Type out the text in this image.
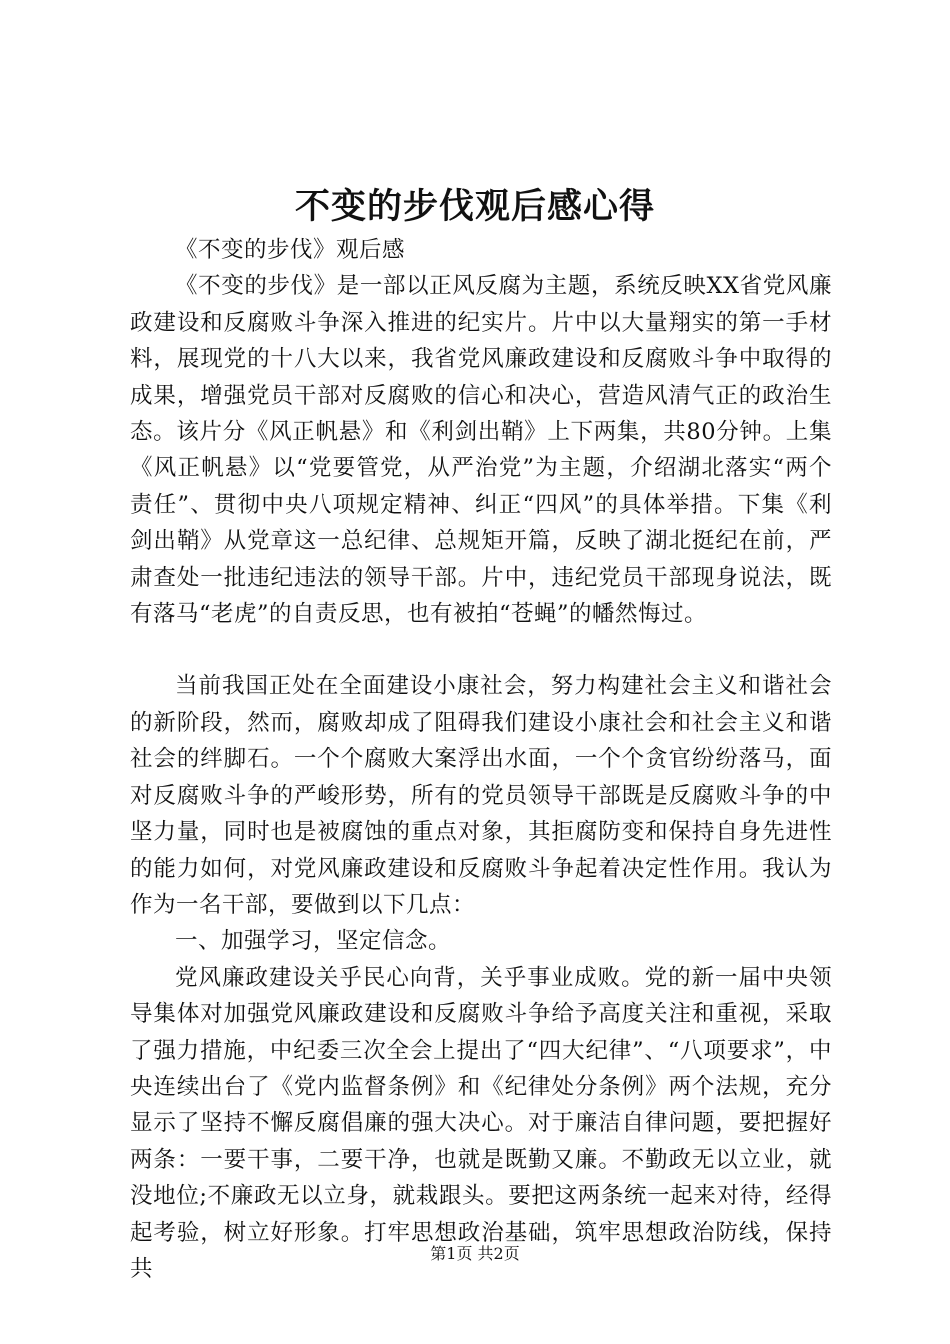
不变的步伐观后感心得

《不变的步伐》观后感

《不变的步伐》是一部以正风反腐为主题，系统反映XX省党风廉政建设和反腐败斗争深入推进的纪实片。片中以大量翔实的第一手材料，展现党的十八大以来，我省党风廉政建设和反腐败斗争中取得的成果，增强党员干部对反腐败的信心和决心，营造风清气正的政治生态。该片分《风正帆悬》和《利剑出鞘》上下两集，共80分钟。上集《风正帆悬》以“党要管党，从严治党”为主题，介绍湖北落实“两个责任”、贯彻中央八项规定精神、纠正“四风”的具体举措。下集《利剑出鞘》从党章这一总纪律、总规矩开篇，反映了湖北挺纪在前，严肃查处一批违纪违法的领导干部。片中，违纪党员干部现身说法，既有落马“老虎”的自责反思，也有被拍“苍蝇”的幡然悔过。

当前我国正处在全面建设小康社会，努力构建社会主义和谐社会的新阶段，然而，腐败却成了阻碍我们建设小康社会和社会主义和谐社会的绊脚石。一个个腐败大案浮出水面，一个个贪官纷纷落马，面对反腐败斗争的严峻形势，所有的党员领导干部既是反腐败斗争的中坚力量，同时也是被腐蚀的重点对象，其拒腐防变和保持自身先进性的能力如何，对党风廉政建设和反腐败斗争起着决定性作用。我认为作为一名干部，要做到以下几点：

一、加强学习，坚定信念。

党风廉政建设关乎民心向背，关乎事业成败。党的新一届中央领导集体对加强党风廉政建设和反腐败斗争给予高度关注和重视，采取了强力措施，中纪委三次全会上提出了“四大纪律”、“八项要求”，中央连续出台了《党内监督条例》和《纪律处分条例》两个法规，充分显示了坚持不懈反腐倡廉的强大决心。对于廉洁自律问题，要把握好两条：一要干事，二要干净，也就是既勤又廉。不勤政无以立业，就没地位;不廉政无以立身，就栽跟头。要把这两条统一起来对待，经得起考验，树立好形象。打牢思想政治基础，筑牢思想政治防线，保持共

第1页 共2页
